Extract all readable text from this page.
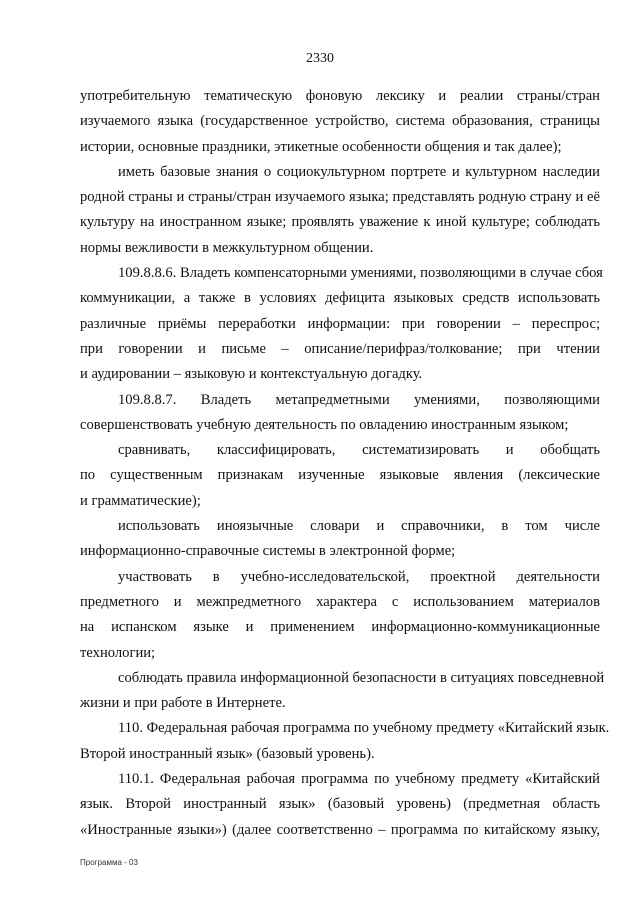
2330
употребительную тематическую фоновую лексику и реалии страны/стран
изучаемого языка (государственное устройство, система образования, страницы
истории, основные праздники, этикетные особенности общения и так далее);
иметь базовые знания о социокультурном портрете и культурном наследии
родной страны и страны/стран изучаемого языка; представлять родную страну и её
культуру на иностранном языке; проявлять уважение к иной культуре; соблюдать
нормы вежливости в межкультурном общении.
109.8.8.6. Владеть компенсаторными умениями, позволяющими в случае сбоя
коммуникации, а также в условиях дефицита языковых средств использовать
различные приёмы переработки информации: при говорении – переспрос;
при говорении и письме – описание/перифраз/толкование; при чтении
и аудировании – языковую и контекстуальную догадку.
109.8.8.7. Владеть метапредметными умениями, позволяющими
совершенствовать учебную деятельность по овладению иностранным языком;
сравнивать, классифицировать, систематизировать и обобщать
по существенным признакам изученные языковые явления (лексические
и грамматические);
использовать иноязычные словари и справочники, в том числе
информационно-справочные системы в электронной форме;
участвовать в учебно-исследовательской, проектной деятельности
предметного и межпредметного характера с использованием материалов
на испанском языке и применением информационно-коммуникационные
технологии;
соблюдать правила информационной безопасности в ситуациях повседневной
жизни и при работе в Интернете.
110. Федеральная рабочая программа по учебному предмету «Китайский язык.
Второй иностранный язык» (базовый уровень).
110.1. Федеральная рабочая программа по учебному предмету «Китайский
язык. Второй иностранный язык» (базовый уровень) (предметная область
«Иностранные языки») (далее соответственно – программа по китайскому языку,
Программа - 03
